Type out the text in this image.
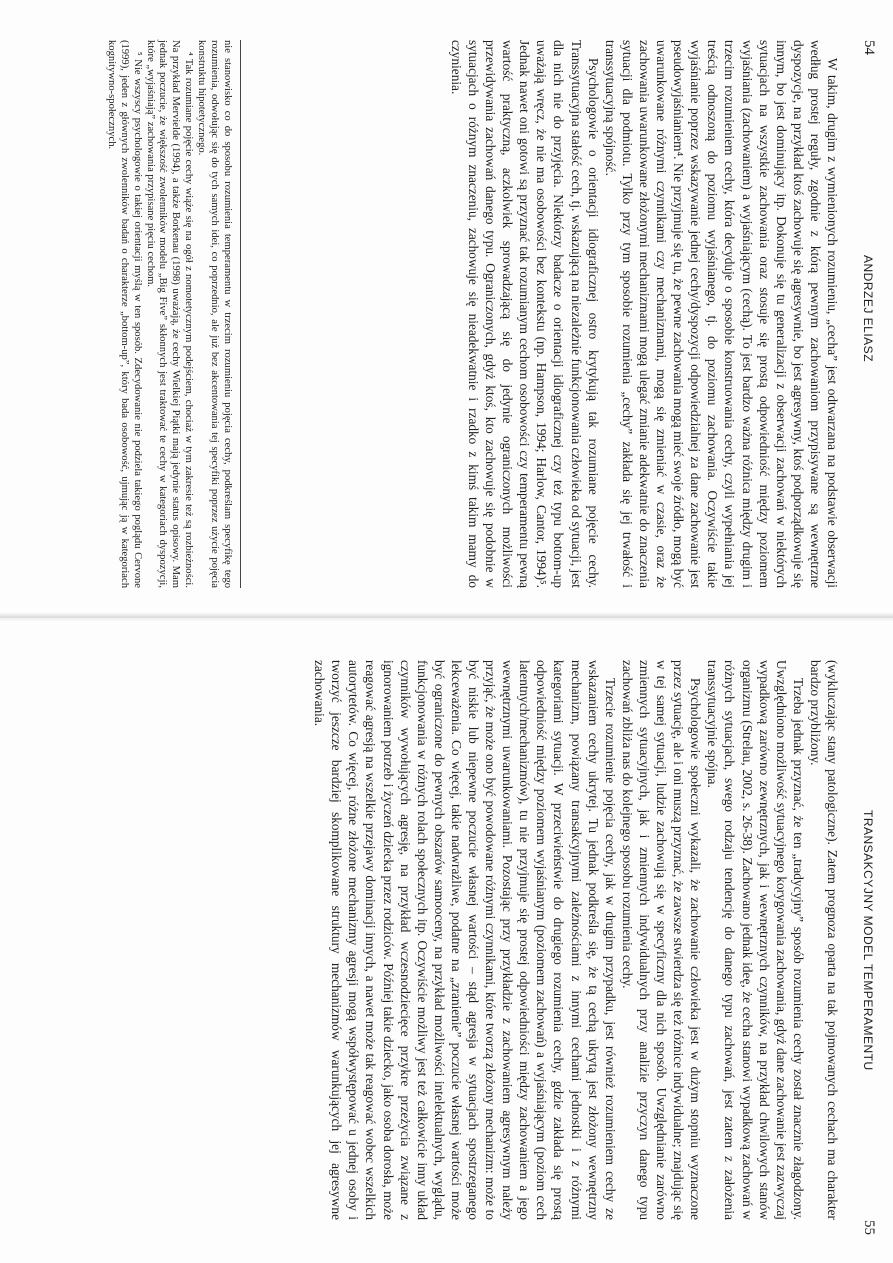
54
ANDRZEJ ELIASZ

W takim, drugim z wymienionych rozumieniu, „cecha” jest odtwarzana na podstawie obserwacji według prostej reguły, zgodnie z którą pewnym zachowaniom przypisywane są wewnętrzne dyspozycje, na przykład ktoś zachowuje się agresywnie, bo jest agresywny, ktoś podporządkowuje się innym, bo jest dominujący itp. Dokonuje się tu generalizacji z obserwacji zachowań w niektórych sytuacjach na wszystkie zachowania oraz stosuje się prostą odpowiedniość między poziomem wyjaśniania (zachowaniem) a wyjaśniającym (cechą). To jest bardzo ważna różnica między drugim i trzecim rozumieniem cechy, która decyduje o sposobie konstruowania cechy, czyli wypełniania jej treścią odnoszoną do poziomu wyjaśnianego, tj. do poziomu zachowania. Oczywiście takie wyjaśnianie poprzez wskazywanie jednej cechy/dyspozycji odpowiedzialnej za dane zachowanie jest pseudowyjaśnianiem⁴. Nie przyjmuje się tu, że pewne zachowania mogą mieć swoje źródło, mogą być uwarunkowane różnymi czynnikami czy mechanizmami, mogą się zmieniać w czasie, oraz że zachowania uwarunkowane złożonymi mechanizmami mogą ulegać zmianie adekwatnie do znaczenia sytuacji dla podmiotu. Tylko przy tym sposobie rozumienia „cechy” zakłada się jej trwałość i transsytuacyjną spójność.

Psychologowie o orientacji idiograficznej ostro krytykują tak rozumiane pojęcie cechy. Transsytuacyjna stałość cech, tj. wskazującą na niezależnie funkcjonowania człowieka od sytuacji, jest dla nich nie do przyjęcia. Niektórzy badacze o orientacji idiograficznej czy też typu bottom-up uważają wręcz, że nie ma osobowości bez kontekstu (np. Hampson, 1994; Harlow, Cantor, 1994)⁵. Jednak nawet oni gotowi są przyznać tak rozumianym cechom osobowości czy temperamentu pewną wartość praktyczną, aczkolwiek sprowadzającą się do jedynie ograniczonych możliwości przewidywania zachowań danego typu. Ograniczonych, gdyż ktoś, kto zachowuje się podobnie w sytuacjach o różnym znaczeniu, zachowuje się nieadekwatnie i rzadko z kimś takim mamy do czynienia.

nie stanowisko co do sposobu rozumienia temperamentu w trzecim rozumieniu pojęcia cechy, podkreślam specyfikę tego rozumienia, odwołując się do tych samych idei, co poprzednio, ale już bez akcentowania tej specyfiki poprzez użycie pojęcia konstruktu hipotetycznego.

⁴ Tak rozumiane pojęcie cechy wiąże się na ogół z nomotetycznym podejściem, chociaż w tym zakresie też są rozbieżności. Na przykład Mervielde (1994), a także Borkenau (1998) uważają, że cechy Wielkiej Piątki mają jedynie status opisowy. Mam jednak poczucie, że większość zwolenników modelu „Big Five” skłonnych jest traktować te cechy w kategoriach dyspozycji, które „wyjaśniają” zachowania przypisane pięciu cechom.

⁵ Nie wszyscy psychologowie o takiej orientacji myślą w ten sposób. Zdecydowanie nie podziela takiego poglądu Cervone (1999), jeden z głównych zwolenników badań o charakterze „bottom-up”, który bada osobowość, ujmując ją w kategoriach kognitywno-społecznych.

TRANSAKCYJNY MODEL TEMPERAMENTU
55

(wykluczając stany patologiczne). Zatem prognoza oparta na tak pojmowanych cechach ma charakter bardzo przybliżony.

Trzeba jednak przyznać, że ten „tradycyjny” sposób rozumienia cechy został znacznie złagodzony. Uwzględniono możliwość sytuacyjnego korygowania zachowania, gdyż dane zachowanie jest zazwyczaj wypadkową zarówno zewnętrznych, jak i wewnętrznych czynników, na przykład chwilowych stanów organizmu (Strelau, 2002, s. 26-38). Zachowano jednak ideę, że cecha stanowi wypadkową zachowań w różnych sytuacjach, swego rodzaju tendencję do danego typu zachowań, jest zatem z założenia transsytuacyjnie spójna.

Psychologowie społeczni wykazali, że zachowanie człowieka jest w dużym stopniu wyznaczone przez sytuację, ale i oni muszą przyznać, że zawsze stwierdza się też różnice indywidualne; znajdując się w tej samej sytuacji, ludzie zachowują się w specyficzny dla nich sposób. Uwzględnianie zarówno zmiennych sytuacyjnych, jak i zmiennych indywidualnych przy analizie przyczyn danego typu zachowań zbliża nas do kolejnego sposobu rozumienia cechy.

Trzecie rozumienie pojęcia cechy, jak w drugim przypadku, jest również rozumieniem cechy ze wskazaniem cechy ukrytej. Tu jednak podkreśla się, że tą cechą ukrytą jest złożony wewnętrzny mechanizm, powiązany transakcyjnymi zależnościami z innymi cechami jednostki i z różnymi kategoriami sytuacji. W przeciwieństwie do drugiego rozumienia cechy, gdzie zakłada się prostą odpowiedniość między poziomem wyjaśnianym (poziomem zachowań) a wyjaśniającym (poziom cech latentnych/mechanizmów), tu nie przyjmuje się prostej odpowiedniości między zachowaniem a jego wewnętrznymi uwarunkowaniami. Pozostając przy przykładzie z zachowaniem agresywnym należy przyjąć, że może ono być powodowane różnymi czynnikami, które tworzą złożony mechanizm: może to być niskie lub niepewne poczucie własnej wartości – stąd agresja w sytuacjach spostrzeganego lekceważenia. Co więcej, takie nadwrażliwe, podatne na „zranienie” poczucie własnej wartości może być ograniczone do pewnych obszarów samooceny, na przykład możliwości intelektualnych, wyglądu, funkcjonowania w różnych rolach społecznych itp. Oczywiście możliwy jest też całkowicie inny układ czynników wywołujących agresję, na przykład wczesnodziecięce przykre przeżycia związane z ignorowaniem potrzeb i życzeń dziecka przez rodziców. Później takie dziecko, jako osoba dorosła, może reagować agresją na wszelkie przejawy dominacji innych, a nawet może tak reagować wobec wszelkich autorytetów. Co więcej, różne złożone mechanizmy agresji mogą współwystępować u jednej osoby i tworzyć jeszcze bardziej skomplikowane struktury mechanizmów warunkujących jej agresywne zachowania.
